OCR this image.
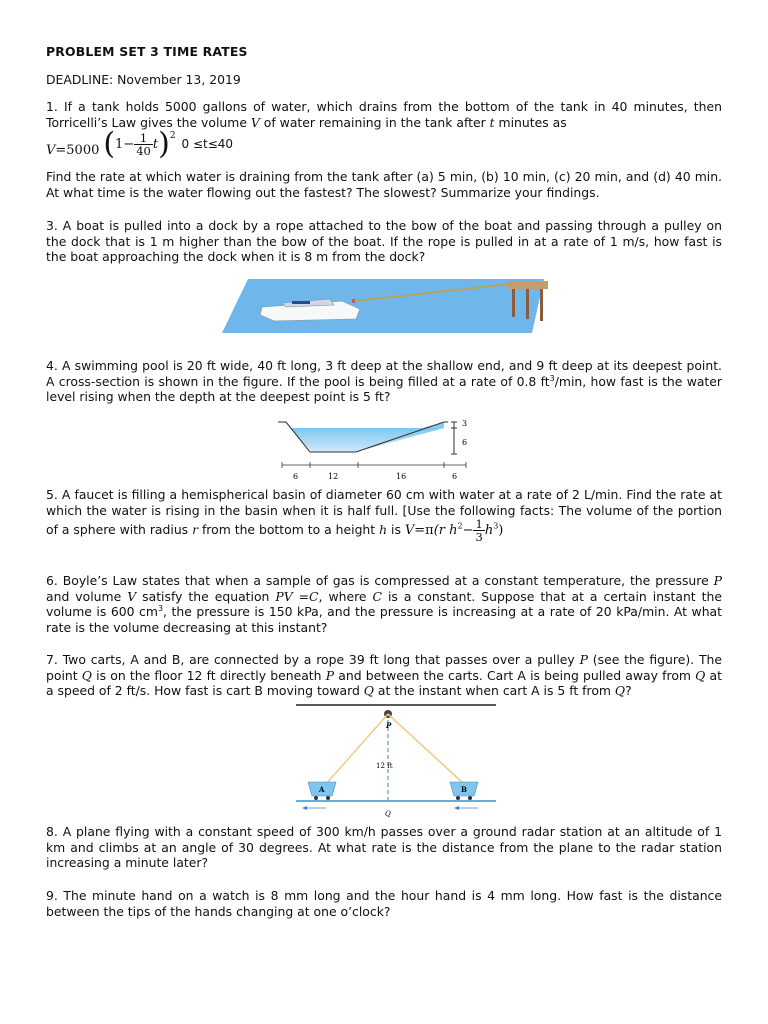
PROBLEM SET 3 TIME RATES
DEADLINE: November 13, 2019

1. If a tank holds 5000 gallons of water, which drains from the bottom of the tank in 40 minutes, then Torricelli’s Law gives the volume V of water remaining in the tank after t minutes as

V=5000 $(1- \frac{1}{40} t)^2$ 0 ≤t≤40

Find the rate at which water is draining from the tank after (a) 5 min, (b) 10 min, (c) 20 min, and (d) 40 min. At what time is the water flowing out the fastest? The slowest? Summarize your findings.

3. A boat is pulled into a dock by a rope attached to the bow of the boat and passing through a pulley on the dock that is 1 m higher than the bow of the boat. If the rope is pulled in at a rate of 1 m/s, how fast is the boat approaching the dock when it is 8 m from the dock?

4. A swimming pool is 20 ft wide, 40 ft long, 3 ft deep at the shallow end, and 9 ft deep at its deepest point. A cross-section is shown in the figure. If the pool is being filled at a rate of 0.8 $ft^3/\min$, how fast is the water level rising when the depth at the deepest point is 5 ft?

3
6
6	12	16	6

5. A faucet is filling a hemispherical basin of diameter 60 cm with water at a rate of 2 L/min. Find the rate at which the water is rising in the basin when it is half full. [Use the following facts: The volume of the portion of a sphere with radius r from the bottom to a height h is V=π(r $h^2- \frac{1}{3} h^3$)

6. Boyle’s Law states that when a sample of gas is compressed at a constant temperature, the pressure P and volume V satisfy the equation PV =C, where C is a constant. Suppose that at a certain instant the volume is 600 $cm^3$, the pressure is 150 kPa, and the pressure is increasing at a rate of 20 kPa/min. At what rate is the volume decreasing at this instant?

7. Two carts, A and B, are connected by a rope 39 ft long that passes over a pulley P (see the figure). The point Q is on the floor 12 ft directly beneath P and between the carts. Cart A is being pulled away from Q at a speed of 2 ft/s. How fast is cart B moving toward Q at the instant when cart A is 5 ft from Q?

P
12 ft
A	B
Q

8. A plane flying with a constant speed of 300 km/h passes over a ground radar station at an altitude of 1 km and climbs at an angle of 30 degrees. At what rate is the distance from the plane to the radar station increasing a minute later?

9. The minute hand on a watch is 8 mm long and the hour hand is 4 mm long. How fast is the distance between the tips of the hands changing at one o’clock?
